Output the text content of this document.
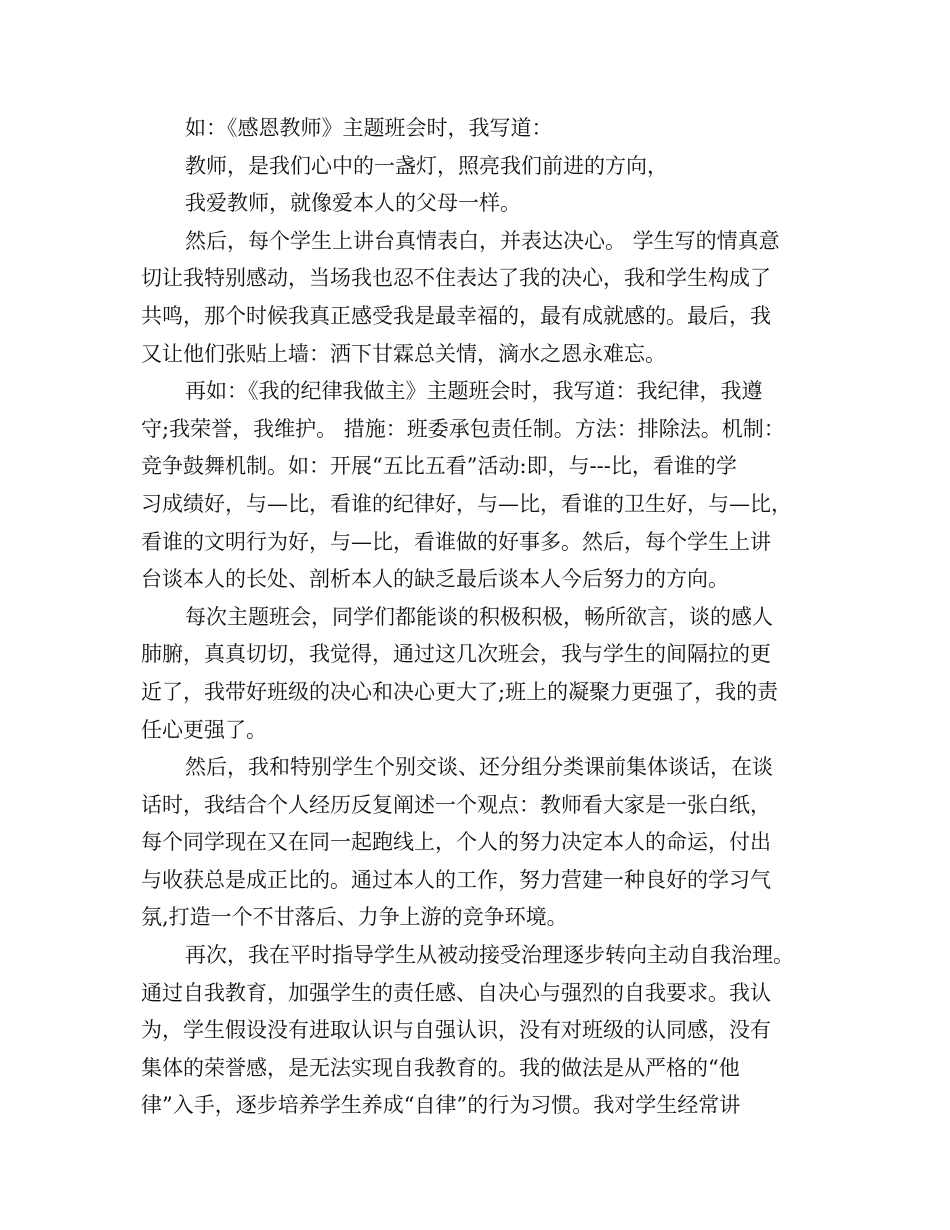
如：《感恩教师》主题班会时，我写道：
教师，是我们心中的一盏灯，照亮我们前进的方向，
我爱教师，就像爱本人的父母一样。
然后，每个学生上讲台真情表白，并表达决心。 学生写的情真意
切让我特别感动，当场我也忍不住表达了我的决心，我和学生构成了
共鸣，那个时候我真正感受我是最幸福的，最有成就感的。最后，我
又让他们张贴上墙：洒下甘霖总关情，滴水之恩永难忘。
再如：《我的纪律我做主》主题班会时，我写道：我纪律，我遵
守;我荣誉，我维护。 措施：班委承包责任制。方法：排除法。机制：
竞争鼓舞机制。如：开展“五比五看”活动:即，与---比，看谁的学
习成绩好，与—比，看谁的纪律好，与—比，看谁的卫生好，与—比，
看谁的文明行为好，与—比，看谁做的好事多。然后，每个学生上讲
台谈本人的长处、剖析本人的缺乏最后谈本人今后努力的方向。
每次主题班会，同学们都能谈的积极积极，畅所欲言，谈的感人
肺腑，真真切切，我觉得，通过这几次班会，我与学生的间隔拉的更
近了，我带好班级的决心和决心更大了;班上的凝聚力更强了，我的责
任心更强了。
然后，我和特别学生个别交谈、还分组分类课前集体谈话，在谈
话时，我结合个人经历反复阐述一个观点：教师看大家是一张白纸，
每个同学现在又在同一起跑线上，个人的努力决定本人的命运，付出
与收获总是成正比的。通过本人的工作，努力营建一种良好的学习气
氛,打造一个不甘落后、力争上游的竞争环境。
再次，我在平时指导学生从被动接受治理逐步转向主动自我治理。
通过自我教育，加强学生的责任感、自决心与强烈的自我要求。我认
为，学生假设没有进取认识与自强认识，没有对班级的认同感，没有
集体的荣誉感，是无法实现自我教育的。我的做法是从严格的“他
律”入手，逐步培养学生养成“自律”的行为习惯。我对学生经常讲
